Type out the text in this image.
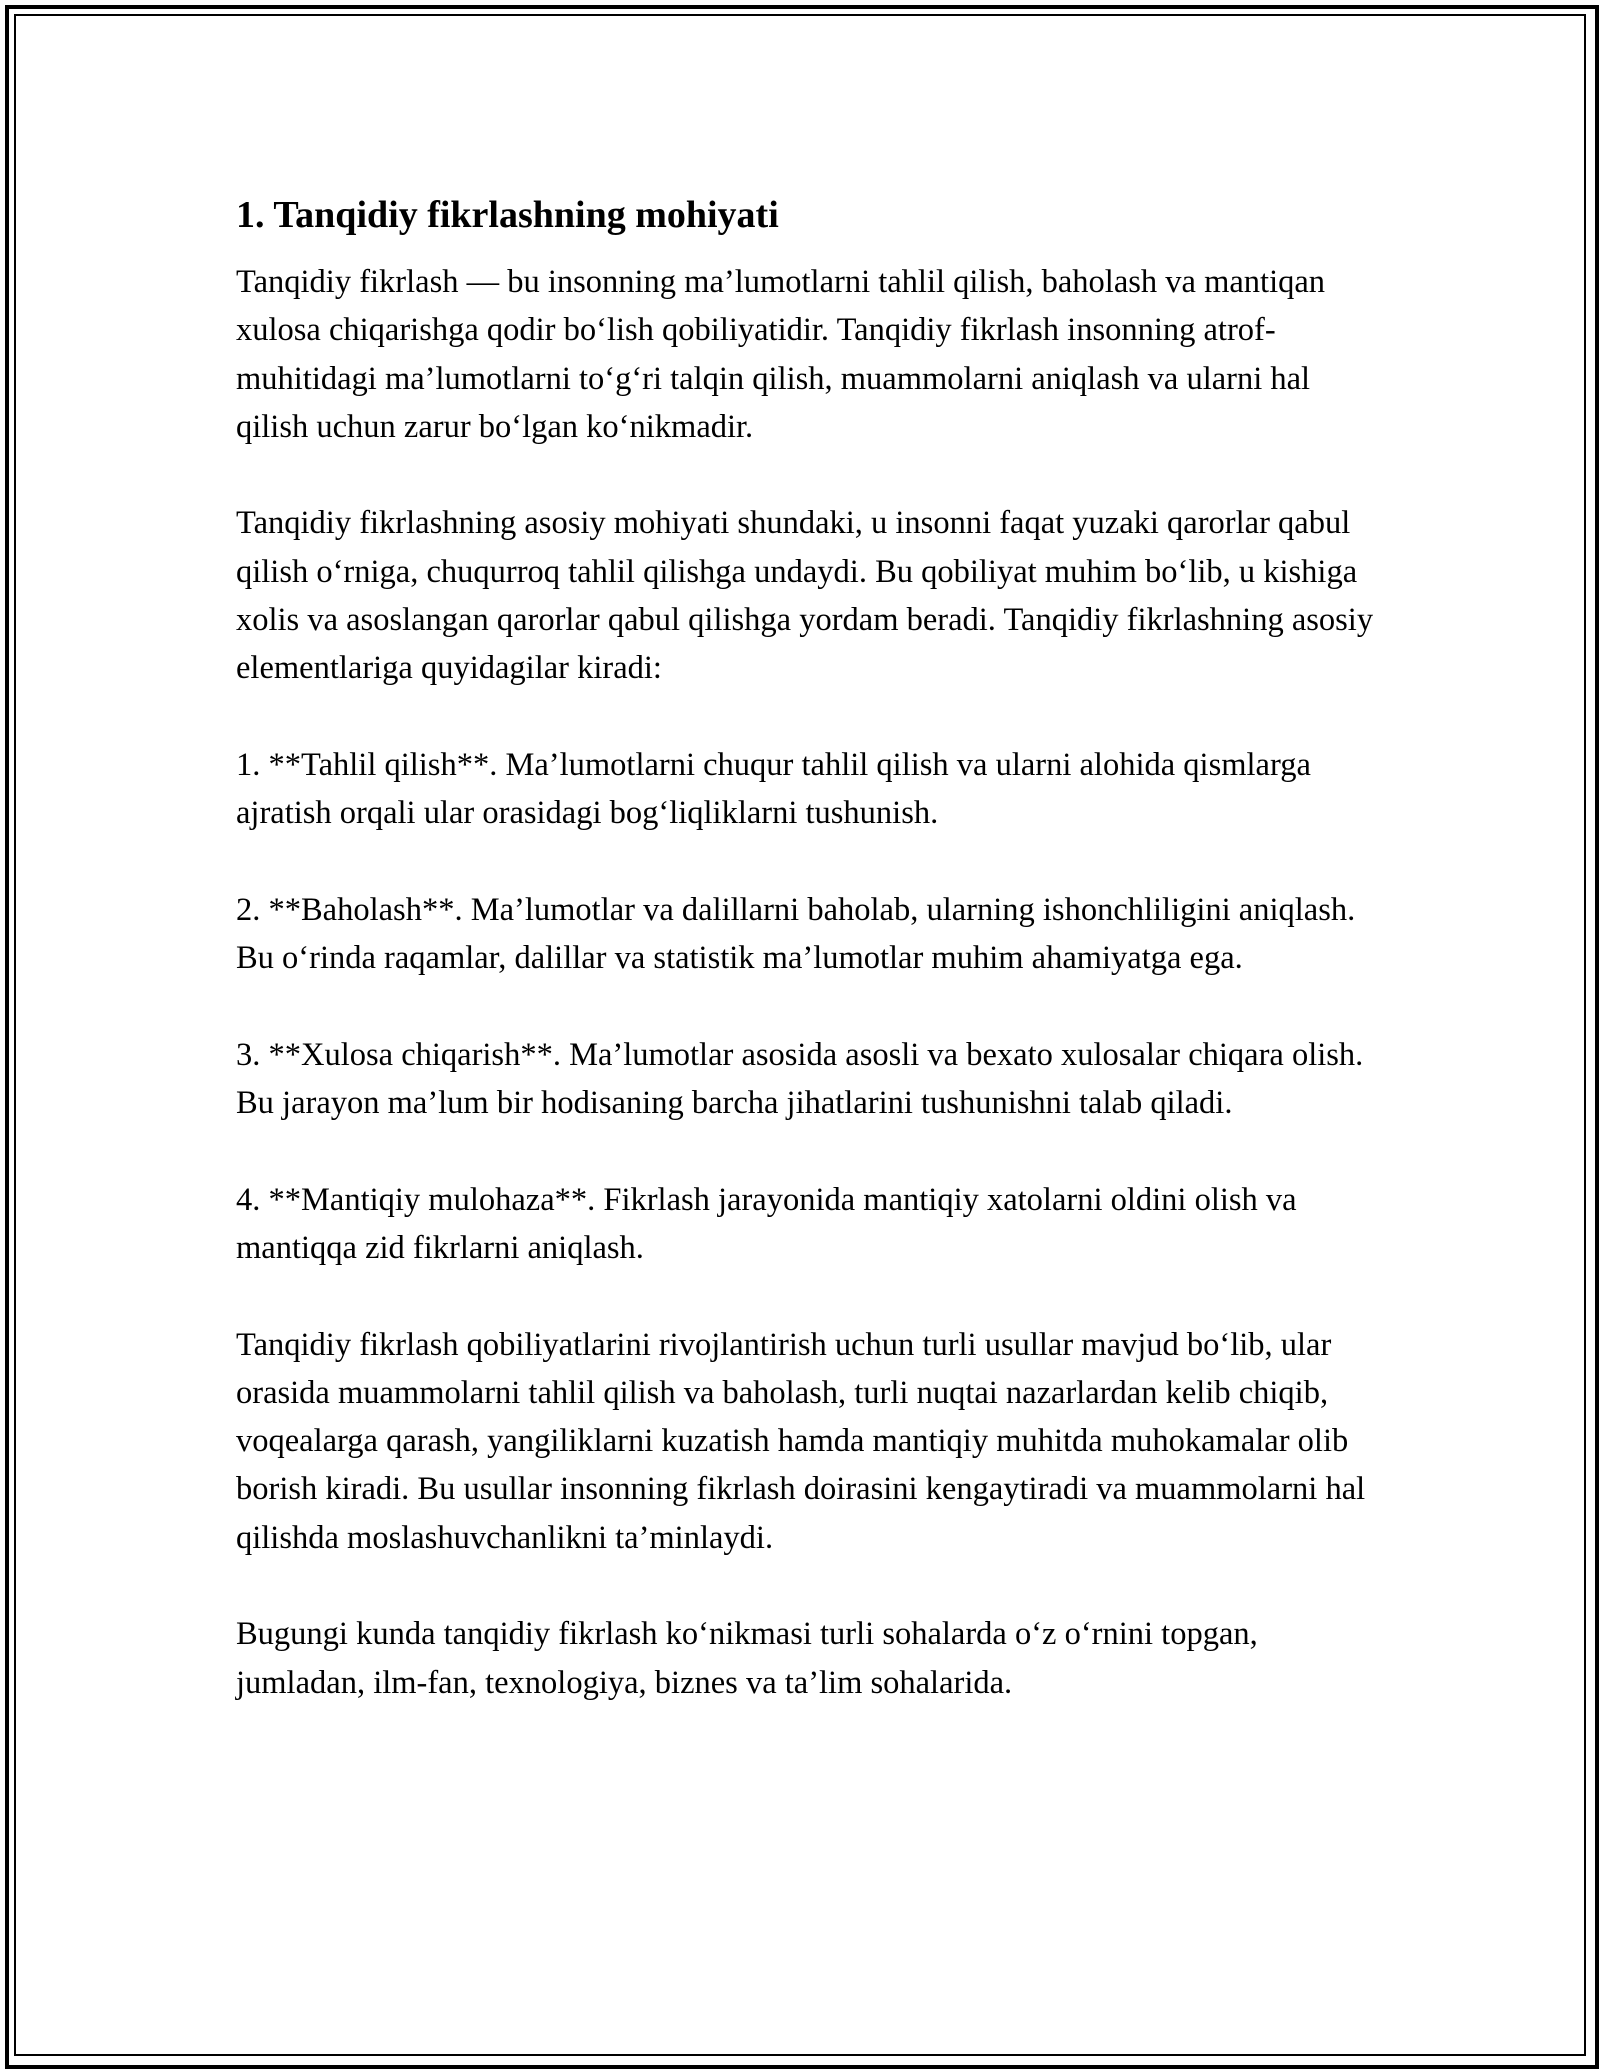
1. Tanqidiy fikrlashning mohiyati

Tanqidiy fikrlash — bu insonning ma’lumotlarni tahlil qilish, baholash va mantiqan xulosa chiqarishga qodir bo‘lish qobiliyatidir. Tanqidiy fikrlash insonning atrof-muhitidagi ma’lumotlarni to‘g‘ri talqin qilish, muammolarni aniqlash va ularni hal qilish uchun zarur bo‘lgan ko‘nikmadir.

Tanqidiy fikrlashning asosiy mohiyati shundaki, u insonni faqat yuzaki qarorlar qabul qilish o‘rniga, chuqurroq tahlil qilishga undaydi. Bu qobiliyat muhim bo‘lib, u kishiga xolis va asoslangan qarorlar qabul qilishga yordam beradi. Tanqidiy fikrlashning asosiy elementlariga quyidagilar kiradi:

1. **Tahlil qilish**. Ma’lumotlarni chuqur tahlil qilish va ularni alohida qismlarga ajratish orqali ular orasidagi bog‘liqliklarni tushunish.

2. **Baholash**. Ma’lumotlar va dalillarni baholab, ularning ishonchliligini aniqlash. Bu o‘rinda raqamlar, dalillar va statistik ma’lumotlar muhim ahamiyatga ega.

3. **Xulosa chiqarish**. Ma’lumotlar asosida asosli va bexato xulosalar chiqara olish. Bu jarayon ma’lum bir hodisaning barcha jihatlarini tushunishni talab qiladi.

4. **Mantiqiy mulohaza**. Fikrlash jarayonida mantiqiy xatolarni oldini olish va mantiqqa zid fikrlarni aniqlash.

Tanqidiy fikrlash qobiliyatlarini rivojlantirish uchun turli usullar mavjud bo‘lib, ular orasida muammolarni tahlil qilish va baholash, turli nuqtai nazarlardan kelib chiqib, voqealarga qarash, yangiliklarni kuzatish hamda mantiqiy muhitda muhokamalar olib borish kiradi. Bu usullar insonning fikrlash doirasini kengaytiradi va muammolarni hal qilishda moslashuvchanlikni ta’minlaydi.

Bugungi kunda tanqidiy fikrlash ko‘nikmasi turli sohalarda o‘z o‘rnini topgan, jumladan, ilm-fan, texnologiya, biznes va ta’lim sohalarida.
